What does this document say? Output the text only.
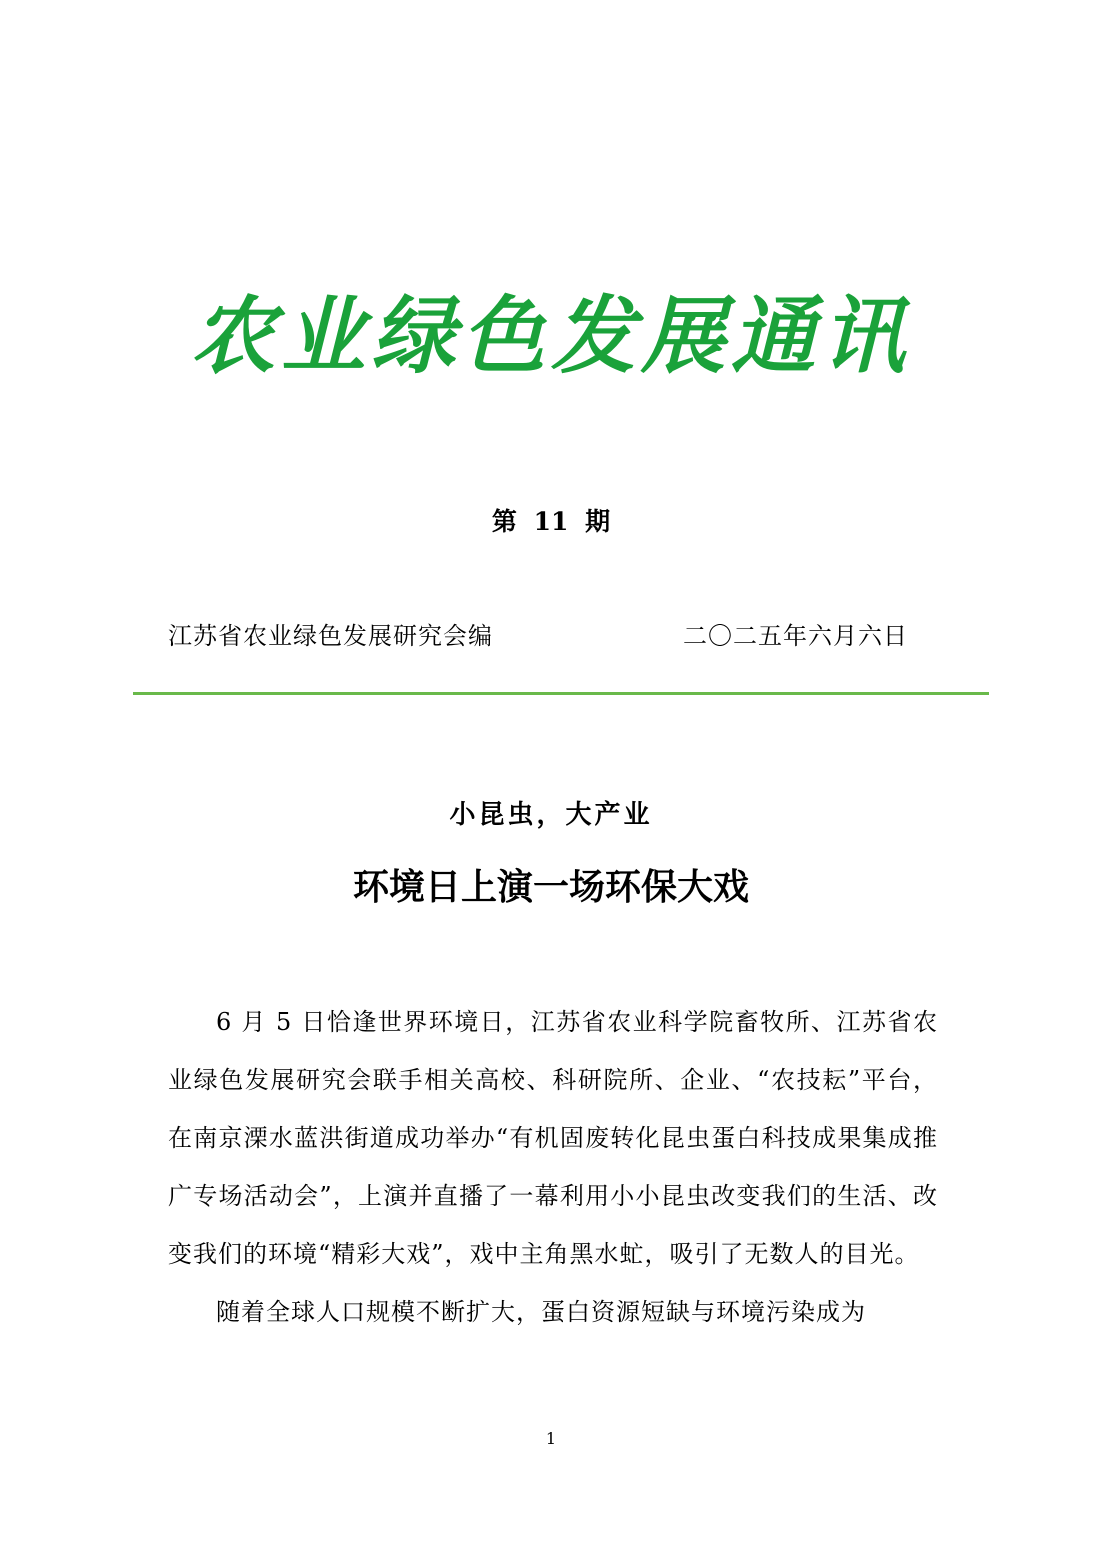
农业绿色发展通讯
第 11 期
江苏省农业绿色发展研究会编	二〇二五年六月六日
小昆虫，大产业
环境日上演一场环保大戏

6 月 5 日恰逢世界环境日，江苏省农业科学院畜牧所、江苏省农业绿色发展研究会联手相关高校、科研院所、企业、“农技耘”平台，在南京溧水蓝洪街道成功举办“有机固废转化昆虫蛋白科技成果集成推广专场活动会”，上演并直播了一幕利用小小昆虫改变我们的生活、改变我们的环境“精彩大戏”，戏中主角黑水虻，吸引了无数人的目光。

随着全球人口规模不断扩大，蛋白资源短缺与环境污染成为

1
